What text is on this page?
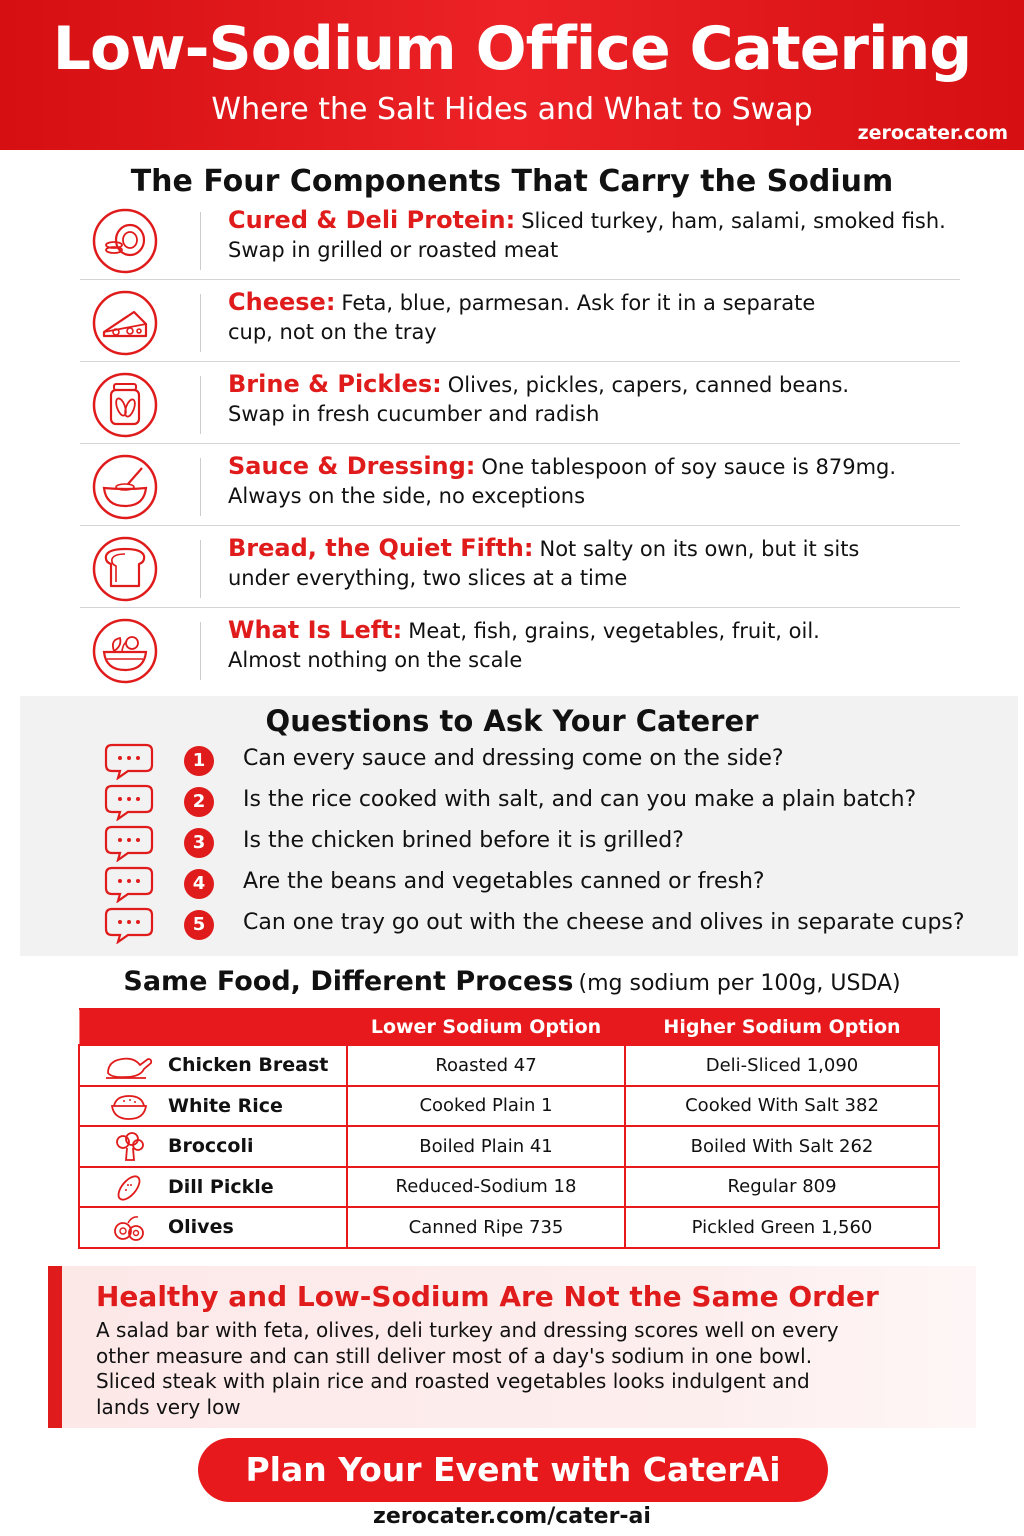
Low-Sodium Office Catering
Where the Salt Hides and What to Swap
zerocater.com
The Four Components That Carry the Sodium
Cured & Deli Protein: Sliced turkey, ham, salami, smoked fish.
Swap in grilled or roasted meat
Cheese: Feta, blue, parmesan. Ask for it in a separate
cup, not on the tray
Brine & Pickles: Olives, pickles, capers, canned beans.
Swap in fresh cucumber and radish
Sauce & Dressing: One tablespoon of soy sauce is 879mg.
Always on the side, no exceptions
Bread, the Quiet Fifth: Not salty on its own, but it sits
under everything, two slices at a time
What Is Left: Meat, fish, grains, vegetables, fruit, oil.
Almost nothing on the scale
Questions to Ask Your Caterer
1	Can every sauce and dressing come on the side?
2	Is the rice cooked with salt, and can you make a plain batch?
3	Is the chicken brined before it is grilled?
4	Are the beans and vegetables canned or fresh?
5	Can one tray go out with the cheese and olives in separate cups?
Same Food, Different Process (mg sodium per 100g, USDA)
	Lower Sodium Option	Higher Sodium Option

Chicken Breast	Roasted 47	Deli-Sliced 1,090

White Rice	Cooked Plain 1	Cooked With Salt 382

Broccoli	Boiled Plain 41	Boiled With Salt 262

Dill Pickle	Reduced-Sodium 18	Regular 809

Olives	Canned Ripe 735	Pickled Green 1,560
Healthy and Low-Sodium Are Not the Same Order
A salad bar with feta, olives, deli turkey and dressing scores well on every other measure and can still deliver most of a day's sodium in one bowl. Sliced steak with plain rice and roasted vegetables looks indulgent and lands very low
Plan Your Event with CaterAi
zerocater.com/cater-ai
